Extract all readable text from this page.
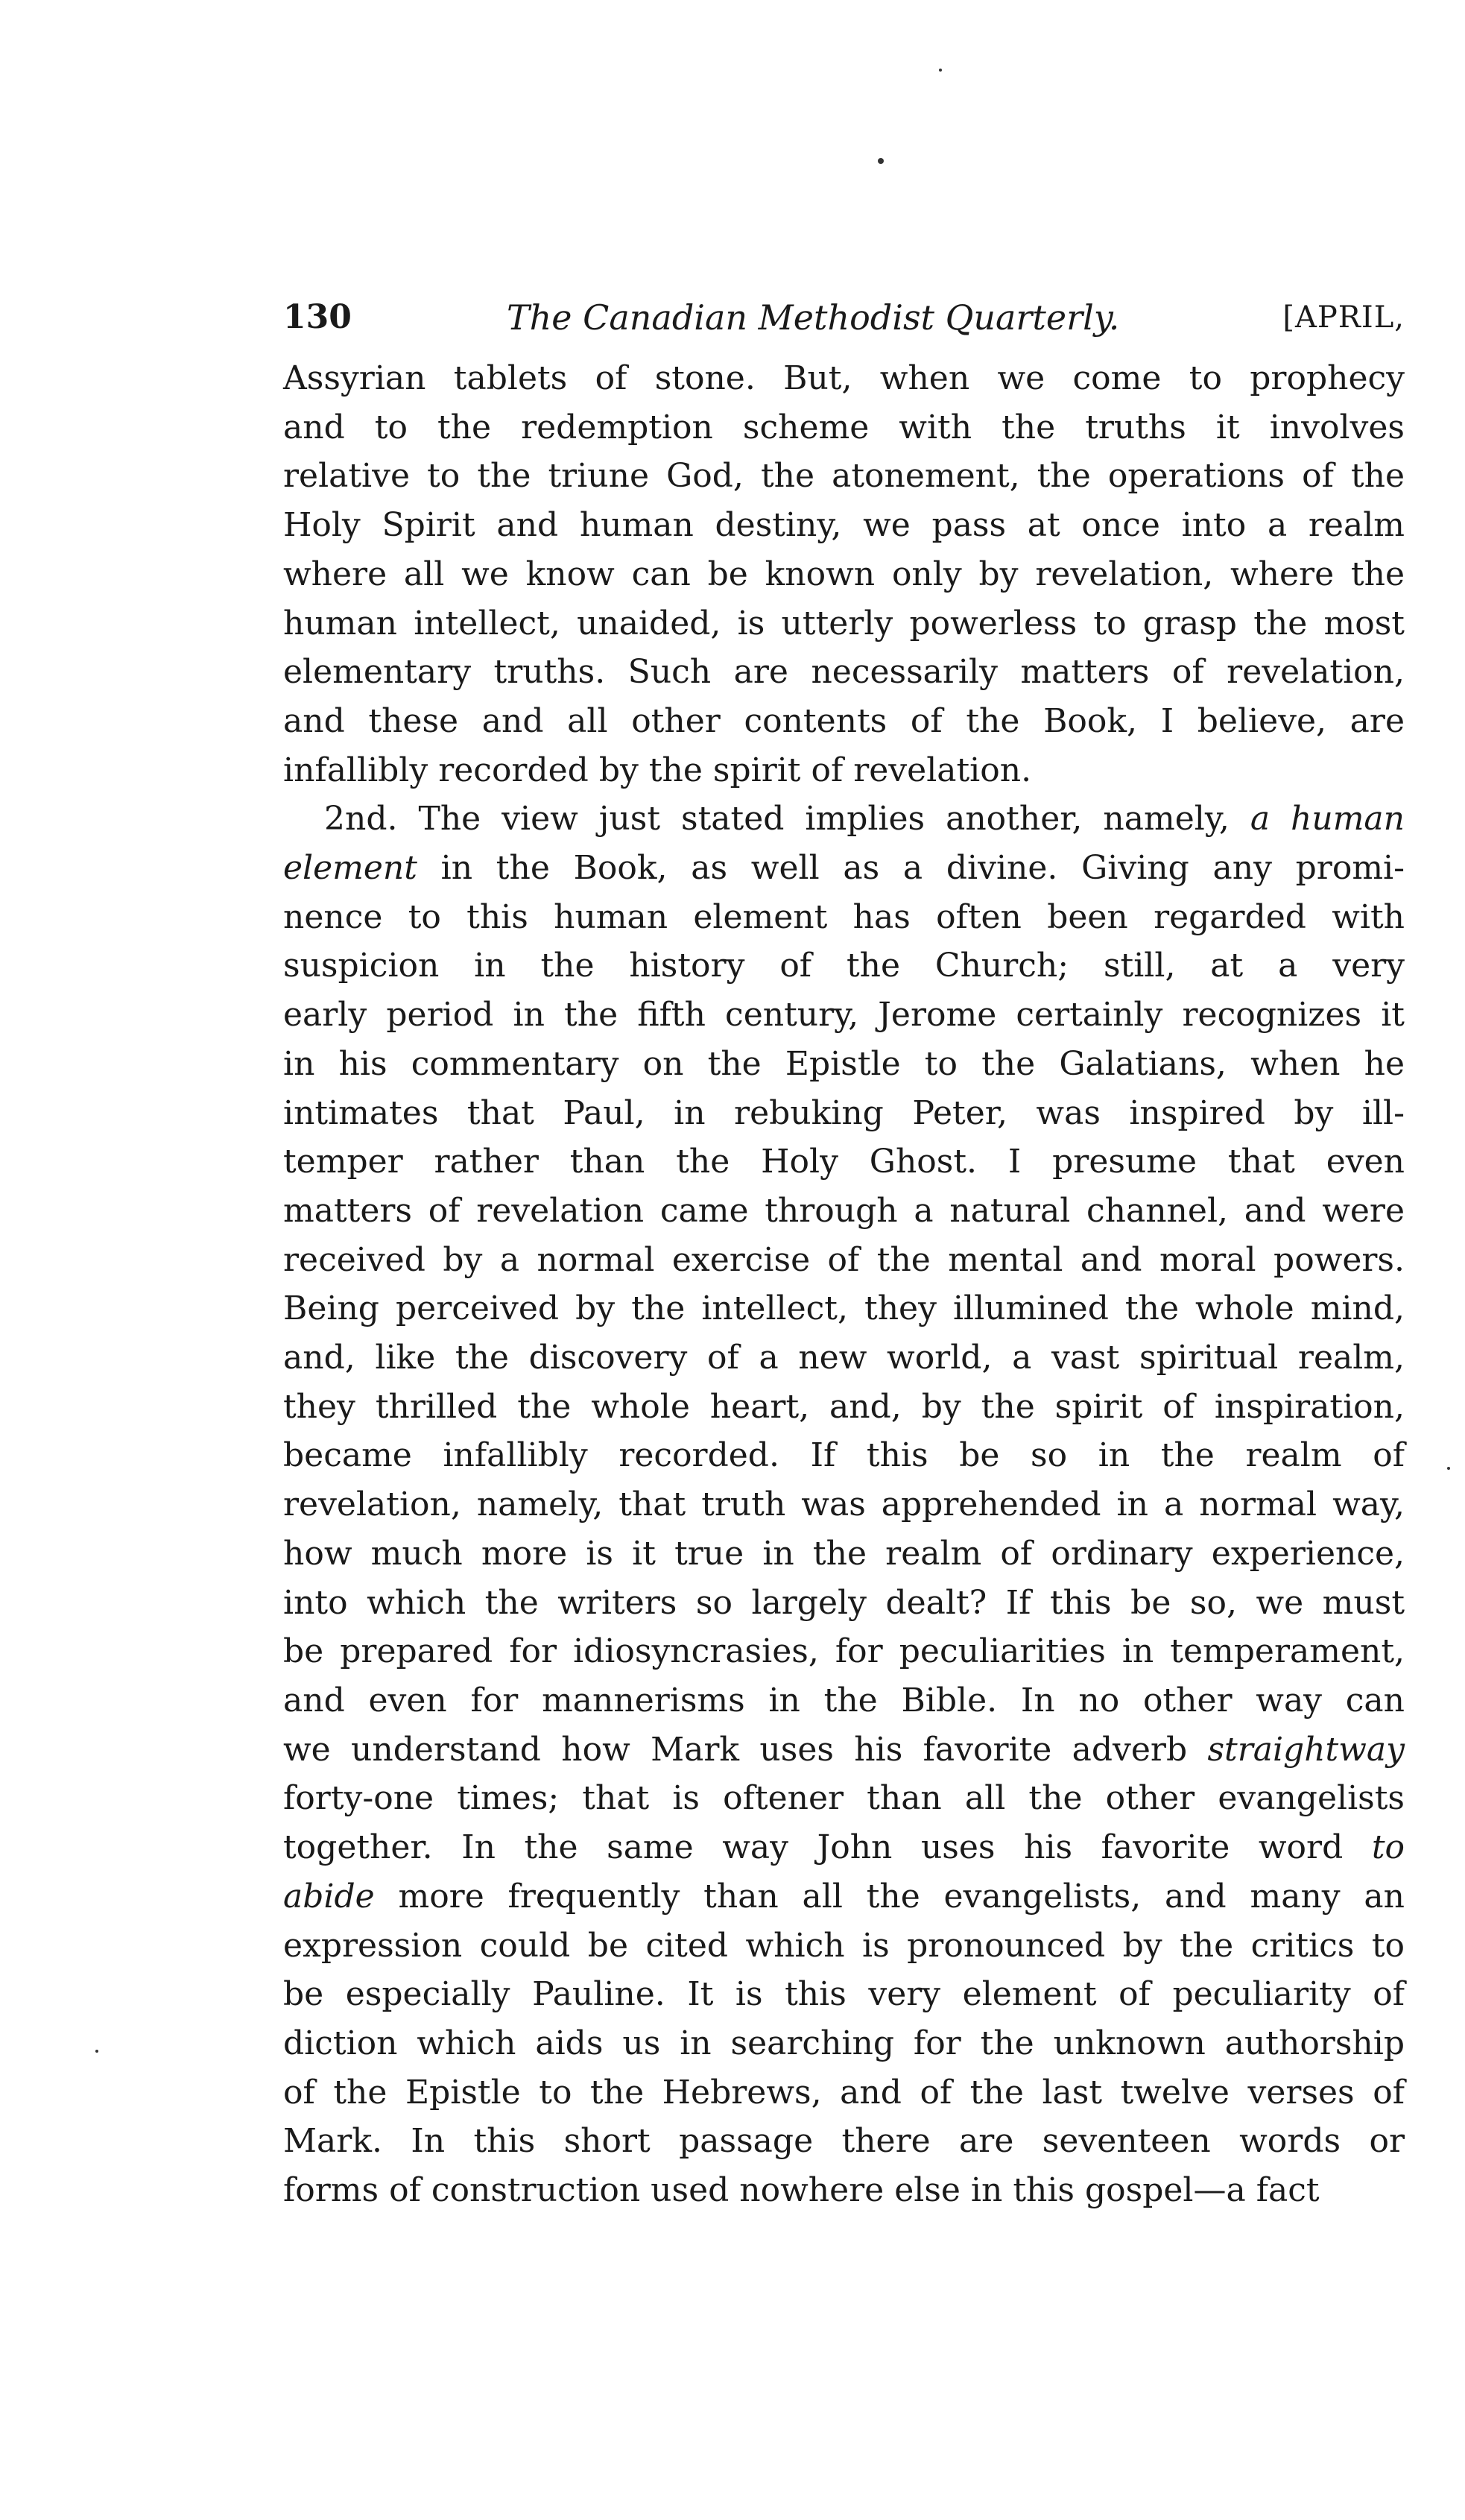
130	The Canadian Methodist Quarterly.	[APRIL,

Assyrian tablets of stone. But, when we come to prophecy
and to the redemption scheme with the truths it involves
relative to the triune God, the atonement, the operations of the
Holy Spirit and human destiny, we pass at once into a realm
where all we know can be known only by revelation, where the
human intellect, unaided, is utterly powerless to grasp the most
elementary truths. Such are necessarily matters of revelation,
and these and all other contents of the Book, I believe, are
infallibly recorded by the spirit of revelation.

2nd. The view just stated implies another, namely, a human
element in the Book, as well as a divine. Giving any promi-
nence to this human element has often been regarded with
suspicion in the history of the Church; still, at a very
early period in the fifth century, Jerome certainly recognizes it
in his commentary on the Epistle to the Galatians, when he
intimates that Paul, in rebuking Peter, was inspired by ill-
temper rather than the Holy Ghost. I presume that even
matters of revelation came through a natural channel, and were
received by a normal exercise of the mental and moral powers.
Being perceived by the intellect, they illumined the whole mind,
and, like the discovery of a new world, a vast spiritual realm,
they thrilled the whole heart, and, by the spirit of inspiration,
became infallibly recorded. If this be so in the realm of
revelation, namely, that truth was apprehended in a normal way,
how much more is it true in the realm of ordinary experience,
into which the writers so largely dealt? If this be so, we must
be prepared for idiosyncrasies, for peculiarities in temperament,
and even for mannerisms in the Bible. In no other way can
we understand how Mark uses his favorite adverb straightway
forty-one times; that is oftener than all the other evangelists
together. In the same way John uses his favorite word to
abide more frequently than all the evangelists, and many an
expression could be cited which is pronounced by the critics to
be especially Pauline. It is this very element of peculiarity of
diction which aids us in searching for the unknown authorship
of the Epistle to the Hebrews, and of the last twelve verses of
Mark. In this short passage there are seventeen words or
forms of construction used nowhere else in this gospel—a fact
